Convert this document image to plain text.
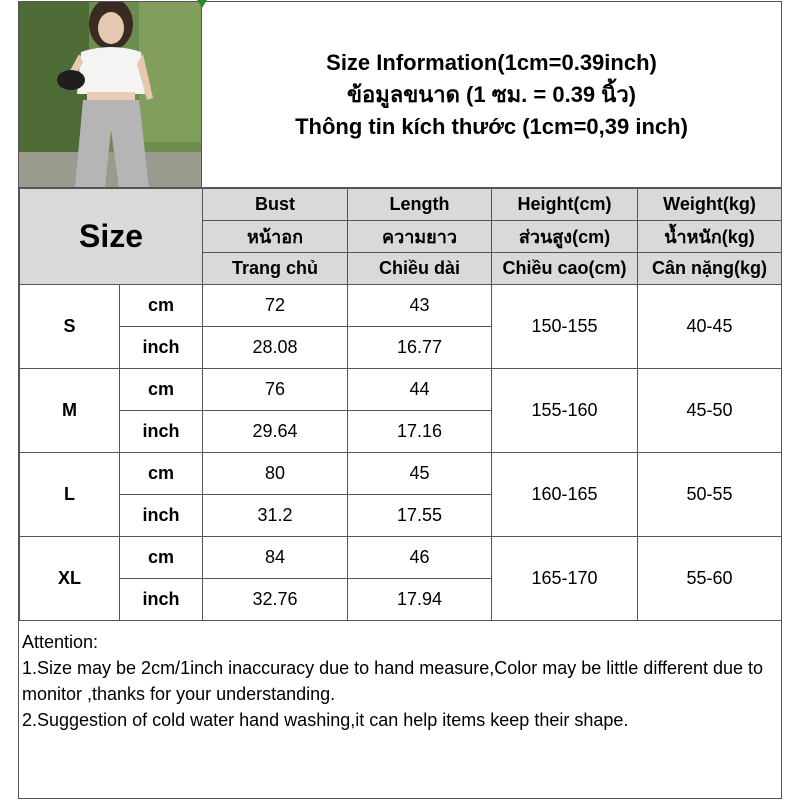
Size Information(1cm=0.39inch)
ข้อมูลขนาด (1 ซม. = 0.39 นิ้ว)
Thông tin kích thước (1cm=0,39 inch)
Size		Bust	Length	Height(cm)	Weight(kg)
		หน้าอก	ความยาว	ส่วนสูง(cm)	น้ำหนัก(kg)
		Trang chủ	Chiều dài	Chiều cao(cm)	Cân nặng(kg)
S	cm	72	43	150-155	40-45
	inch	28.08	16.77		
M	cm	76	44	155-160	45-50
	inch	29.64	17.16		
L	cm	80	45	160-165	50-55
	inch	31.2	17.55		
XL	cm	84	46	165-170	55-60
	inch	32.76	17.94		

Attention:

1.Size may be 2cm/1inch inaccuracy due to hand measure,Color may be little different due to monitor ,thanks for your understanding.

2.Suggestion of cold water hand washing,it can help items keep their shape.
